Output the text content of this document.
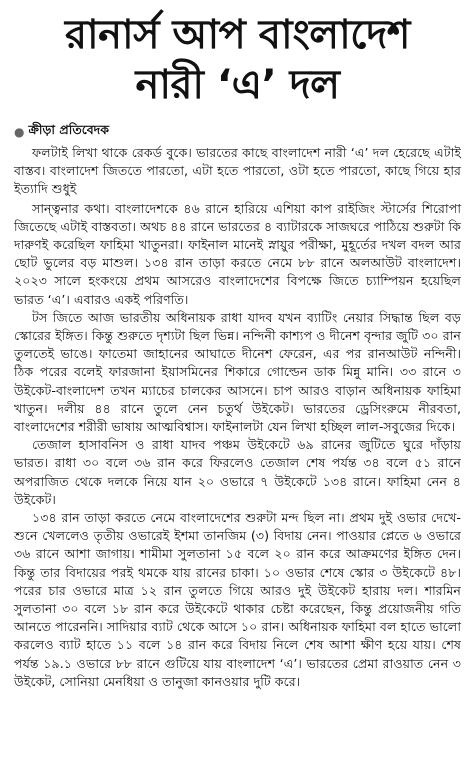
রানার্স আপ বাংলাদেশ
নারী ‘এ’ দল
● ক্রীড়া প্রতিবেদক

ফলটাই লিখা থাকে রেকর্ড বুকে। ভারতের কাছে বাংলাদেশ নারী ‘এ’ দল হেরেছে এটাই বাস্তব। বাংলাদেশ জিততে পারতো, এটা হতে পারতো, ওটা হতে পারতো, কাছে গিয়ে হার ইত্যাদি শুধুই

সান্ত্বনার কথা। বাংলাদেশকে ৪৬ রানে হারিয়ে এশিয়া কাপ রাইজিং স্টার্সের শিরোপা জিতেছে এটাই বাস্তবতা। অথচ ৪৪ রানে ভারতের ৪ ব্যাটারকে সাজঘরে পাঠিয়ে শুরুটা কি দারুণই করেছিল ফাহিমা খাতুনরা। ফাইনাল মানেই স্নায়ুর পরীক্ষা, মুহূর্তের দখল বদল আর ছোট ভুলের বড় মাশুল। ১৩৪ রান তাড়া করতে নেমে ৮৮ রানে অলআউট বাংলাদেশ। ২০২৩ সালে হংকংয়ে প্রথম আসরেও বাংলাদেশের বিপক্ষে জিতে চ্যাম্পিয়ন হয়েছিল ভারত ‘এ’। এবারও একই পরিণতি।

টস জিতে আজ ভারতীয় অধিনায়ক রাধা যাদব যখন ব্যাটিং নেয়ার সিদ্ধান্ত ছিল বড় স্কোরের ইঙ্গিত। কিন্তু শুরুতে দৃশ্যটা ছিল ভিন্ন। নন্দিনী কাশ্যপ ও দীনেশ বৃন্দার জুটি ৩০ রান তুলতেই ভাঙে। ফাতেমা জাহানের আঘাতে দীনেশ ফেরেন, এর পর রানআউট নন্দিনী। ঠিক পরের বলেই ফারজানা ইয়াসমিনের শিকারে গোল্ডেন ডাক মিন্নু মানি। ৩৩ রানে ৩ উইকেট-বাংলাদেশ তখন ম্যাচের চালকের আসনে। চাপ আরও বাড়ান অধিনায়ক ফাহিমা খাতুন। দলীয় ৪৪ রানে তুলে নেন চতুর্থ উইকেট। ভারতের ড্রেসিংরুমে নীরবতা, বাংলাদেশের শরীরী ভাষায় আত্মবিশ্বাস। ফাইনালটা যেন লিখা হচ্ছিল লাল-সবুজের দিকে।

তেজাল হাসাবনিস ও রাধা যাদব পঞ্চম উইকেটে ৬৯ রানের জুটিতে ঘুরে দাঁড়ায় ভারত। রাধা ৩০ বলে ৩৬ রান করে ফিরলেও তেজাল শেষ পর্যন্ত ৩৪ বলে ৫১ রানে অপরাজিত থেকে দলকে নিয়ে যান ২০ ওভারে ৭ উইকেটে ১৩৪ রানে। ফাহিমা নেন ৪ উইকেট।

১৩৪ রান তাড়া করতে নেমে বাংলাদেশের শুরুটা মন্দ ছিল না। প্রথম দুই ওভার দেখে-শুনে খেললেও তৃতীয় ওভারেই ইশমা তানজিম (৩) বিদায় নেন। পাওয়ার প্লেতে ৬ ওভারে ৩৬ রানে আশা জাগায়। শামীমা সুলতানা ১৫ বলে ২০ রান করে আক্রমণের ইঙ্গিত দেন। কিন্তু তার বিদায়ের পরই থমকে যায় রানের চাকা। ১০ ওভার শেষে স্কোর ৩ উইকেটে ৪৮। পরের চার ওভারে মাত্র ১২ রান তুলতে গিয়ে আরও দুই উইকেট হারায় দল। শারমিন সুলতানা ৩০ বলে ১৮ রান করে উইকেটে থাকার চেষ্টা করেছেন, কিন্তু প্রয়োজনীয় গতি আনতে পারেননি। সাদিয়ার ব্যাট থেকে আসে ১০ রান। অধিনায়ক ফাহিমা বল হাতে ভালো করলেও ব্যাট হাতে ১১ বলে ১৪ রান করে বিদায় নিলে শেষ আশা ক্ষীণ হয়ে যায়। শেষ পর্যন্ত ১৯.১ ওভারে ৮৮ রানে গুটিয়ে যায় বাংলাদেশ ‘এ’। ভারতের প্রেমা রাওয়াত নেন ৩ উইকেট, সোনিয়া মেনধিয়া ও তানুজা কানওয়ার দুটি করে।
